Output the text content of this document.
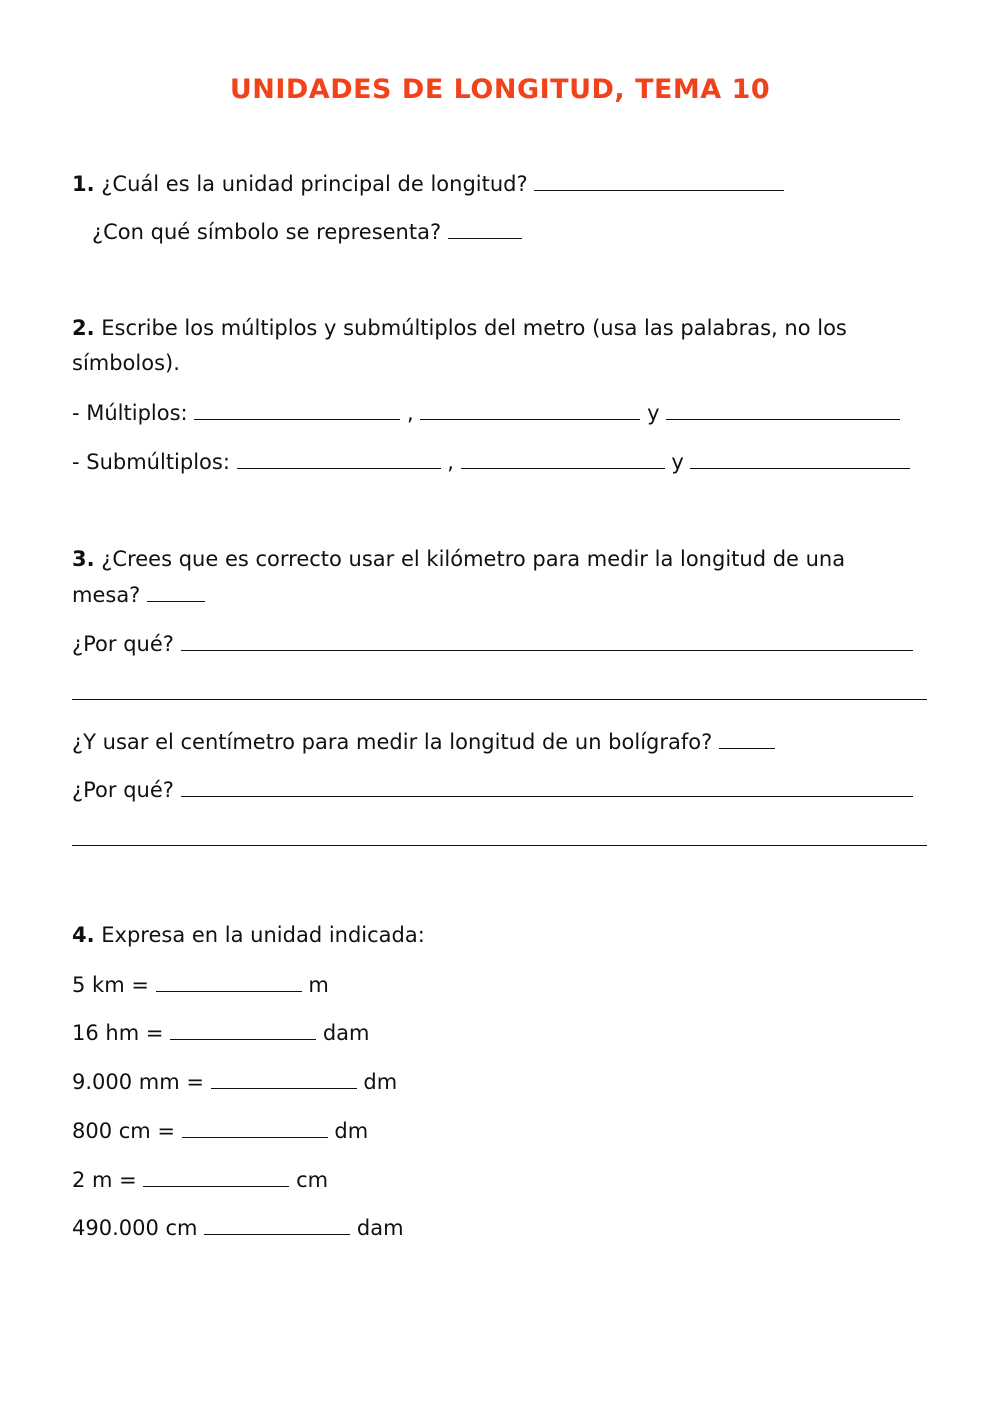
UNIDADES DE LONGITUD, TEMA 10
1. ¿Cuál es la unidad principal de longitud?
¿Con qué símbolo se representa?
2. Escribe los múltiplos y submúltiplos del metro (usa las palabras, no los
símbolos).
- Múltiplos:	,	y
- Submúltiplos:	,	y
3. ¿Crees que es correcto usar el kilómetro para medir la longitud de una
mesa?
¿Por qué?
¿Y usar el centímetro para medir la longitud de un bolígrafo?
¿Por qué?
4. Expresa en la unidad indicada:
5 km =	m
16 hm =	dam
9.000 mm =	dm
800 cm =	dm
2 m =	cm
490.000 cm	dam
